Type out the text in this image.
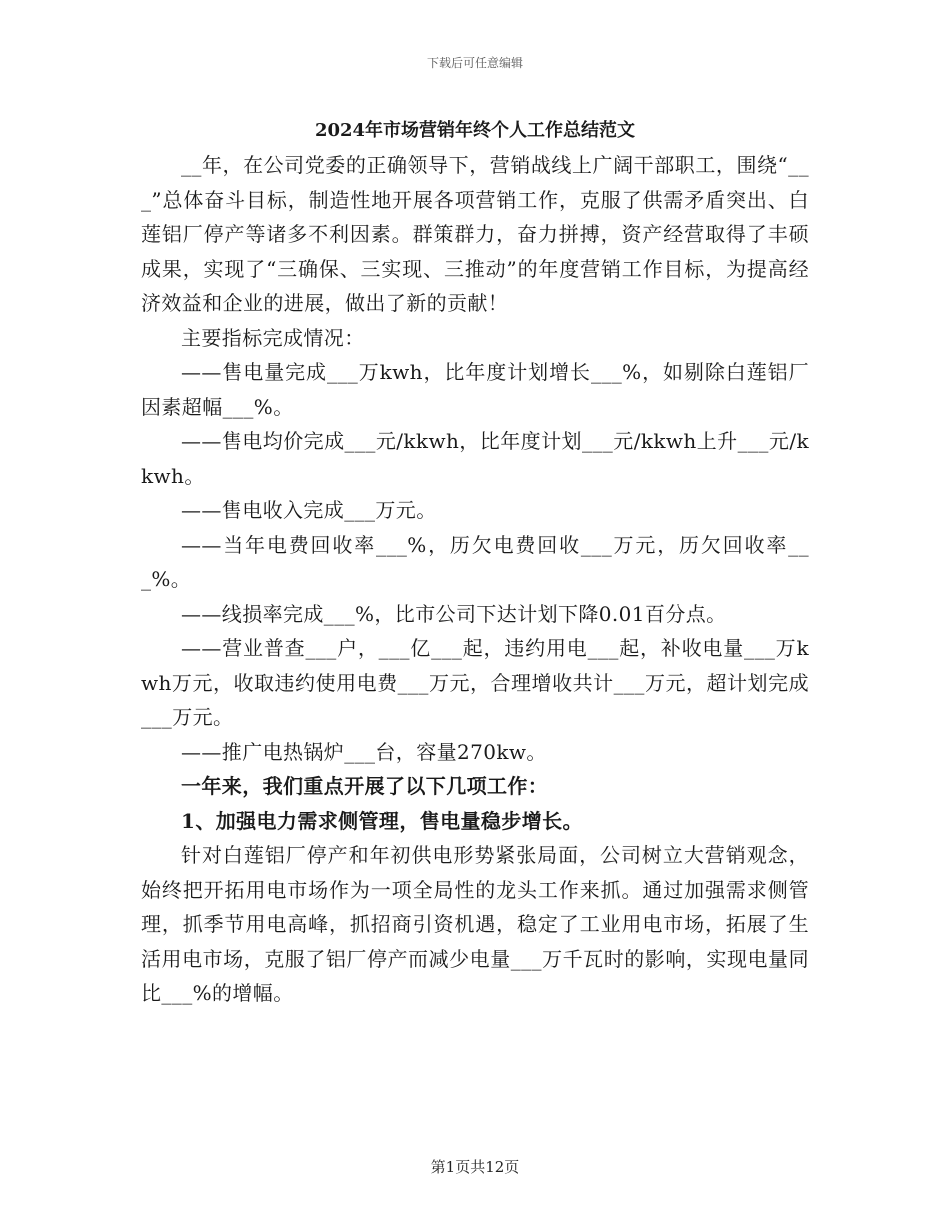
下载后可任意编辑
2024年市场营销年终个人工作总结范文

__年，在公司党委的正确领导下，营销战线上广阔干部职工，围绕“___”总体奋斗目标，制造性地开展各项营销工作，克服了供需矛盾突出、白莲铝厂停产等诸多不利因素。群策群力，奋力拼搏，资产经营取得了丰硕成果，实现了“三确保、三实现、三推动”的年度营销工作目标，为提高经济效益和企业的进展，做出了新的贡献！

主要指标完成情况：

——售电量完成___万kwh，比年度计划增长___%，如剔除白莲铝厂因素超幅___%。

——售电均价完成___元/kkwh，比年度计划___元/kkwh上升___元/kkwh。

——售电收入完成___万元。

——当年电费回收率___%，历欠电费回收___万元，历欠回收率___%。

——线损率完成___%，比市公司下达计划下降0.01百分点。

——营业普查___户，___亿___起，违约用电___起，补收电量___万kwh万元，收取违约使用电费___万元，合理增收共计___万元，超计划完成___万元。

——推广电热锅炉___台，容量270kw。

一年来，我们重点开展了以下几项工作：

1、加强电力需求侧管理，售电量稳步增长。

针对白莲铝厂停产和年初供电形势紧张局面，公司树立大营销观念，始终把开拓用电市场作为一项全局性的龙头工作来抓。通过加强需求侧管理，抓季节用电高峰，抓招商引资机遇，稳定了工业用电市场，拓展了生活用电市场，克服了铝厂停产而减少电量___万千瓦时的影响，实现电量同比___%的增幅。

第1页共12页
